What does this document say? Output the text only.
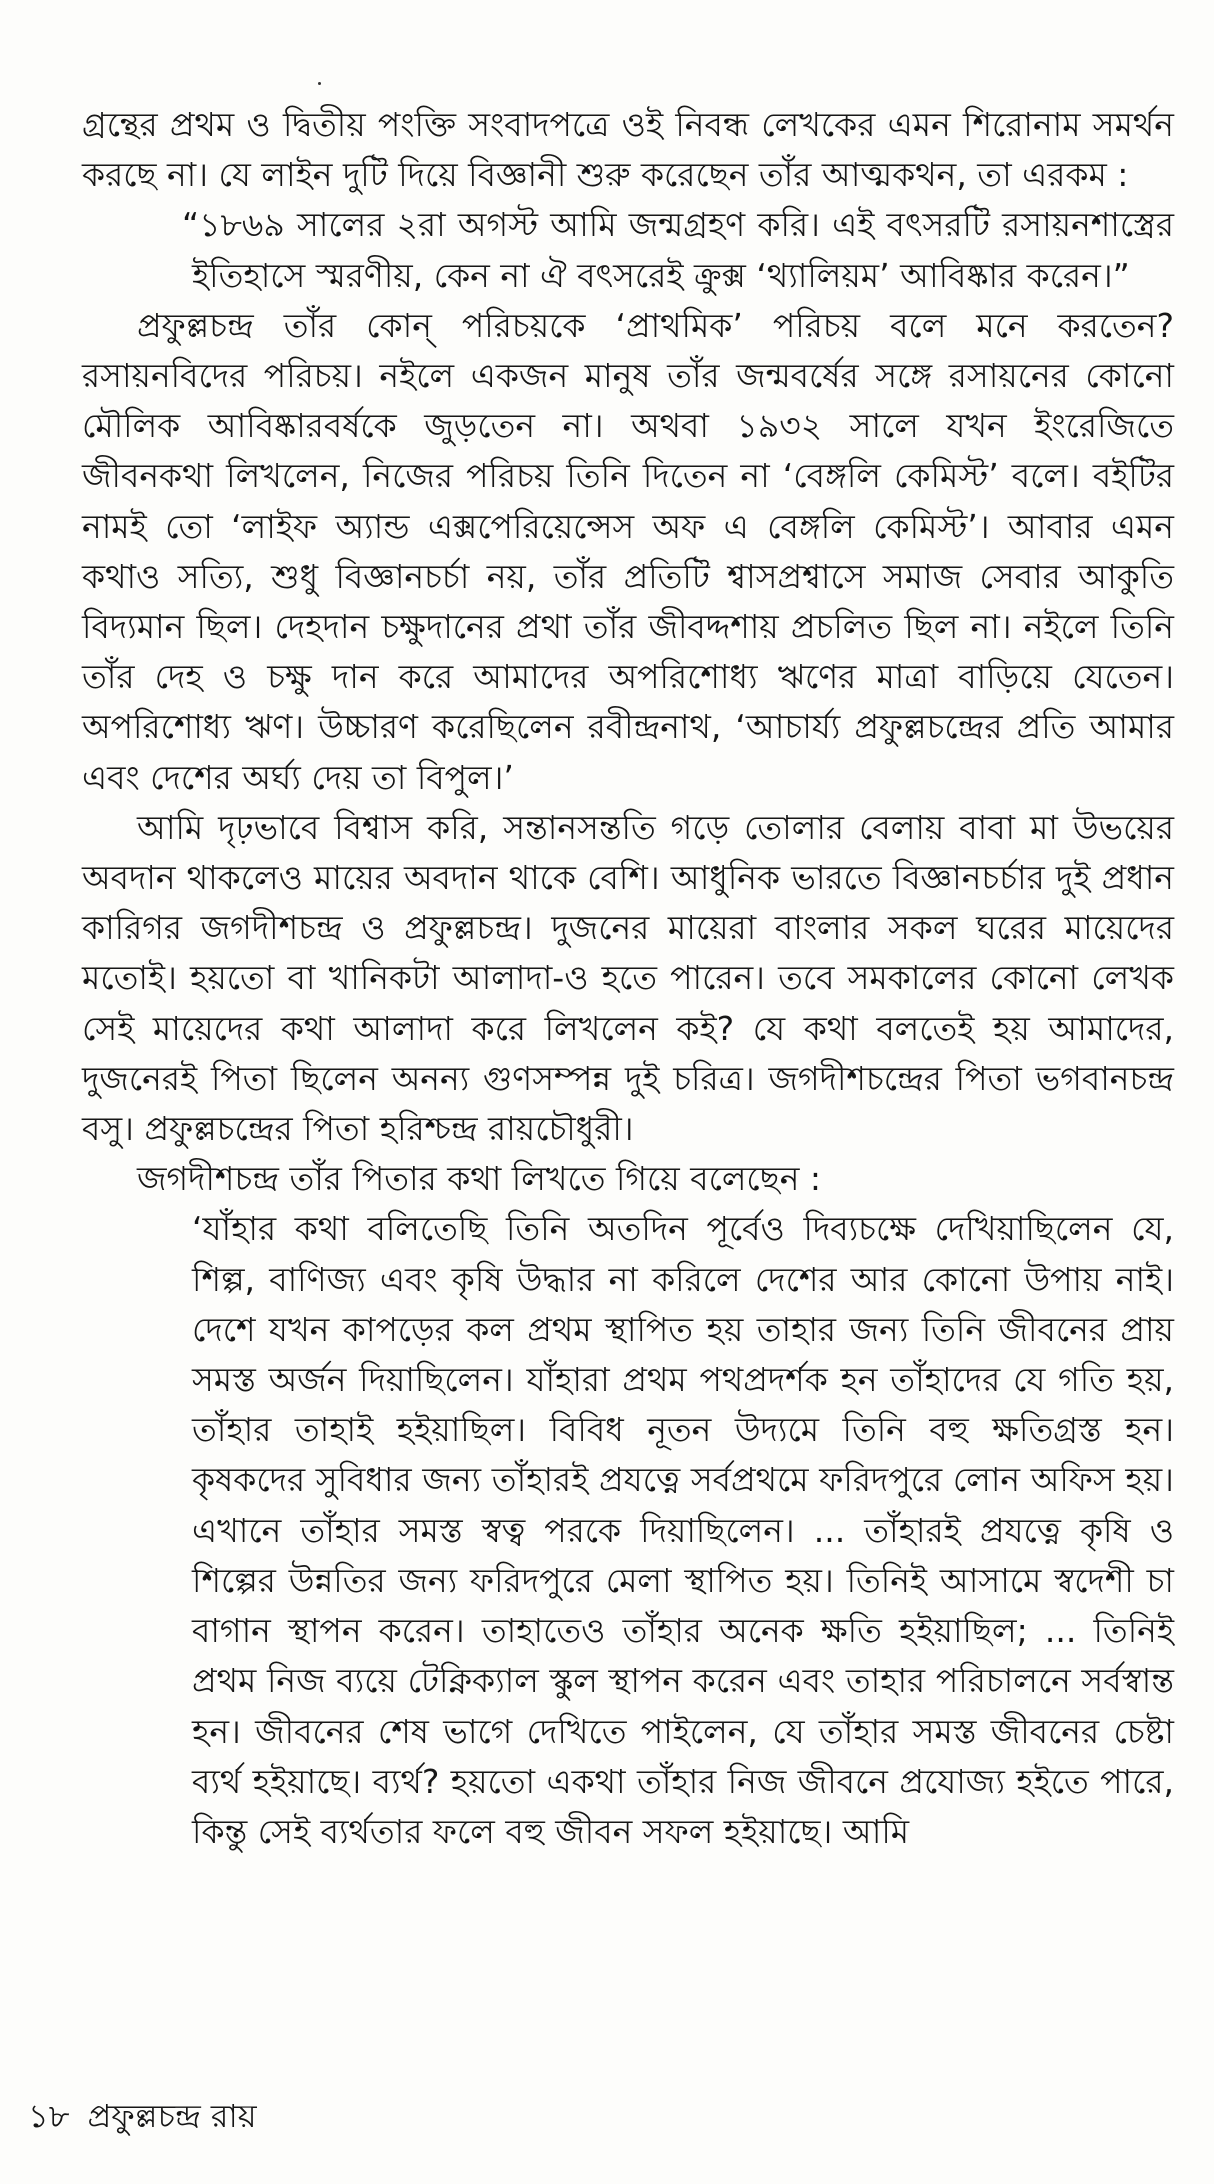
গ্রন্থের প্রথম ও দ্বিতীয় পংক্তি সংবাদপত্রে ওই নিবন্ধ লেখকের এমন শিরোনাম সমর্থন করছে না। যে লাইন দুটি দিয়ে বিজ্ঞানী শুরু করেছেন তাঁর আত্মকথন, তা এরকম :

“১৮৬৯ সালের ২রা অগস্ট আমি জন্মগ্রহণ করি। এই বৎসরটি রসায়নশাস্ত্রের ইতিহাসে স্মরণীয়, কেন না ঐ বৎসরেই ক্রুক্স ‘থ্যালিয়ম’ আবিষ্কার করেন।”

প্রফুল্লচন্দ্র তাঁর কোন্ পরিচয়কে ‘প্রাথমিক’ পরিচয় বলে মনে করতেন? রসায়নবিদের পরিচয়। নইলে একজন মানুষ তাঁর জন্মবর্ষের সঙ্গে রসায়নের কোনো মৌলিক আবিষ্কারবর্ষকে জুড়তেন না। অথবা ১৯৩২ সালে যখন ইংরেজিতে জীবনকথা লিখলেন, নিজের পরিচয় তিনি দিতেন না ‘বেঙ্গলি কেমিস্ট’ বলে। বইটির নামই তো ‘লাইফ অ্যান্ড এক্সপেরিয়েন্সেস অফ এ বেঙ্গলি কেমিস্ট’। আবার এমন কথাও সত্যি, শুধু বিজ্ঞানচর্চা নয়, তাঁর প্রতিটি শ্বাসপ্রশ্বাসে সমাজ সেবার আকুতি বিদ্যমান ছিল। দেহদান চক্ষুদানের প্রথা তাঁর জীবদ্দশায় প্রচলিত ছিল না। নইলে তিনি তাঁর দেহ ও চক্ষু দান করে আমাদের অপরিশোধ্য ঋণের মাত্রা বাড়িয়ে যেতেন। অপরিশোধ্য ঋণ। উচ্চারণ করেছিলেন রবীন্দ্রনাথ, ‘আচার্য্য প্রফুল্লচন্দ্রের প্রতি আমার এবং দেশের অর্ঘ্য দেয় তা বিপুল।’

আমি দৃঢ়ভাবে বিশ্বাস করি, সন্তানসন্ততি গড়ে তোলার বেলায় বাবা মা উভয়ের অবদান থাকলেও মায়ের অবদান থাকে বেশি। আধুনিক ভারতে বিজ্ঞানচর্চার দুই প্রধান কারিগর জগদীশচন্দ্র ও প্রফুল্লচন্দ্র। দুজনের মায়েরা বাংলার সকল ঘরের মায়েদের মতোই। হয়তো বা খানিকটা আলাদা-ও হতে পারেন। তবে সমকালের কোনো লেখক সেই মায়েদের কথা আলাদা করে লিখলেন কই? যে কথা বলতেই হয় আমাদের, দুজনেরই পিতা ছিলেন অনন্য গুণসম্পন্ন দুই চরিত্র। জগদীশচন্দ্রের পিতা ভগবানচন্দ্র বসু। প্রফুল্লচন্দ্রের পিতা হরিশ্চন্দ্র রায়চৌধুরী।

জগদীশচন্দ্র তাঁর পিতার কথা লিখতে গিয়ে বলেছেন :

‘যাঁহার কথা বলিতেছি তিনি অতদিন পূর্বেও দিব্যচক্ষে দেখিয়াছিলেন যে, শিল্প, বাণিজ্য এবং কৃষি উদ্ধার না করিলে দেশের আর কোনো উপায় নাই। দেশে যখন কাপড়ের কল প্রথম স্থাপিত হয় তাহার জন্য তিনি জীবনের প্রায় সমস্ত অর্জন দিয়াছিলেন। যাঁহারা প্রথম পথপ্রদর্শক হন তাঁহাদের যে গতি হয়, তাঁহার তাহাই হইয়াছিল। বিবিধ নূতন উদ্যমে তিনি বহু ক্ষতিগ্রস্ত হন। কৃষকদের সুবিধার জন্য তাঁহারই প্রযত্নে সর্বপ্রথমে ফরিদপুরে লোন অফিস হয়। এখানে তাঁহার সমস্ত স্বত্ব পরকে দিয়াছিলেন। ... তাঁহারই প্রযত্নে কৃষি ও শিল্পের উন্নতির জন্য ফরিদপুরে মেলা স্থাপিত হয়। তিনিই আসামে স্বদেশী চা বাগান স্থাপন করেন। তাহাতেও তাঁহার অনেক ক্ষতি হইয়াছিল; ... তিনিই প্রথম নিজ ব্যয়ে টেক্নিক্যাল স্কুল স্থাপন করেন এবং তাহার পরিচালনে সর্বস্বান্ত হন। জীবনের শেষ ভাগে দেখিতে পাইলেন, যে তাঁহার সমস্ত জীবনের চেষ্টা ব্যর্থ হইয়াছে। ব্যর্থ? হয়তো একথা তাঁহার নিজ জীবনে প্রযোজ্য হইতে পারে, কিন্তু সেই ব্যর্থতার ফলে বহু জীবন সফল হইয়াছে। আমি

১৮ প্রফুল্লচন্দ্র রায়
